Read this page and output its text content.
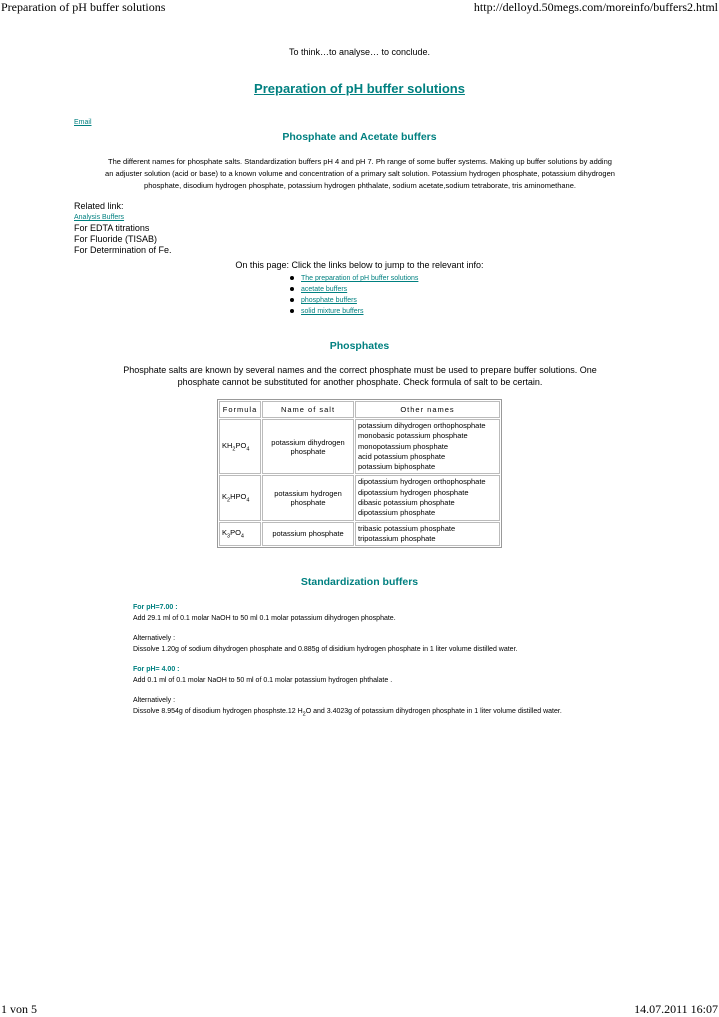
Preparation of pH buffer solutions	http://delloyd.50megs.com/moreinfo/buffers2.html
To think…to analyse… to conclude.
Preparation of pH buffer solutions
Email
Phosphate and Acetate buffers
The different names for phosphate salts. Standardization buffers pH 4 and pH 7. Ph range of some buffer systems. Making up buffer solutions by adding an adjuster solution (acid or base) to a known volume and concentration of a primary salt solution. Potassium hydrogen phosphate, potassium dihydrogen phosphate, disodium hydrogen phosphate, potassium hydrogen phthalate, sodium acetate,sodium tetraborate, tris aminomethane.
Related link:
Analysis Buffers
For EDTA titrations
For Fluoride (TISAB)
For Determination of Fe.
On this page: Click the links below to jump to the relevant info:
The preparation of pH buffer solutions
acetate buffers
phosphate buffers
solid mixture buffers
Phosphates
Phosphate salts are known by several names and the correct phosphate must be used to prepare buffer solutions. One phosphate cannot be substituted for another phosphate. Check formula of salt to be certain.
Formula	Name of salt	Other names
$KH_2PO_4$	potassium dihydrogen phosphate	potassium dihydrogen orthophosphate
monobasic potassium phosphate
monopotassium phosphate
acid potassium phosphate
potassium biphosphate

$K_2HPO_4$	potassium hydrogen phosphate	dipotassium hydrogen orthophosphate
dipotassium hydrogen phosphate
dibasic potassium phosphate
dipotassium phosphate

$K_3PO_4$	potassium phosphate	tribasic potassium phosphate
tripotassium phosphate
Standardization buffers

For pH=7.00 :

Add 29.1 ml of 0.1 molar NaOH to 50 ml 0.1 molar potassium dihydrogen phosphate.

Alternatively :

Dissolve 1.20g of sodium dihydrogen phosphate and 0.885g of disidium hydrogen phosphate in 1 liter volume distilled water.

For pH= 4.00 :

Add 0.1 ml of 0.1 molar NaOH to 50 ml of 0.1 molar potassium hydrogen phthalate .

Alternatively :

Dissolve 8.954g of disodium hydrogen phosphste.12 $H_2O$ and 3.4023g of potassium dihydrogen phosphate in 1 liter volume distilled water.

1 von 5	14.07.2011 16:07
